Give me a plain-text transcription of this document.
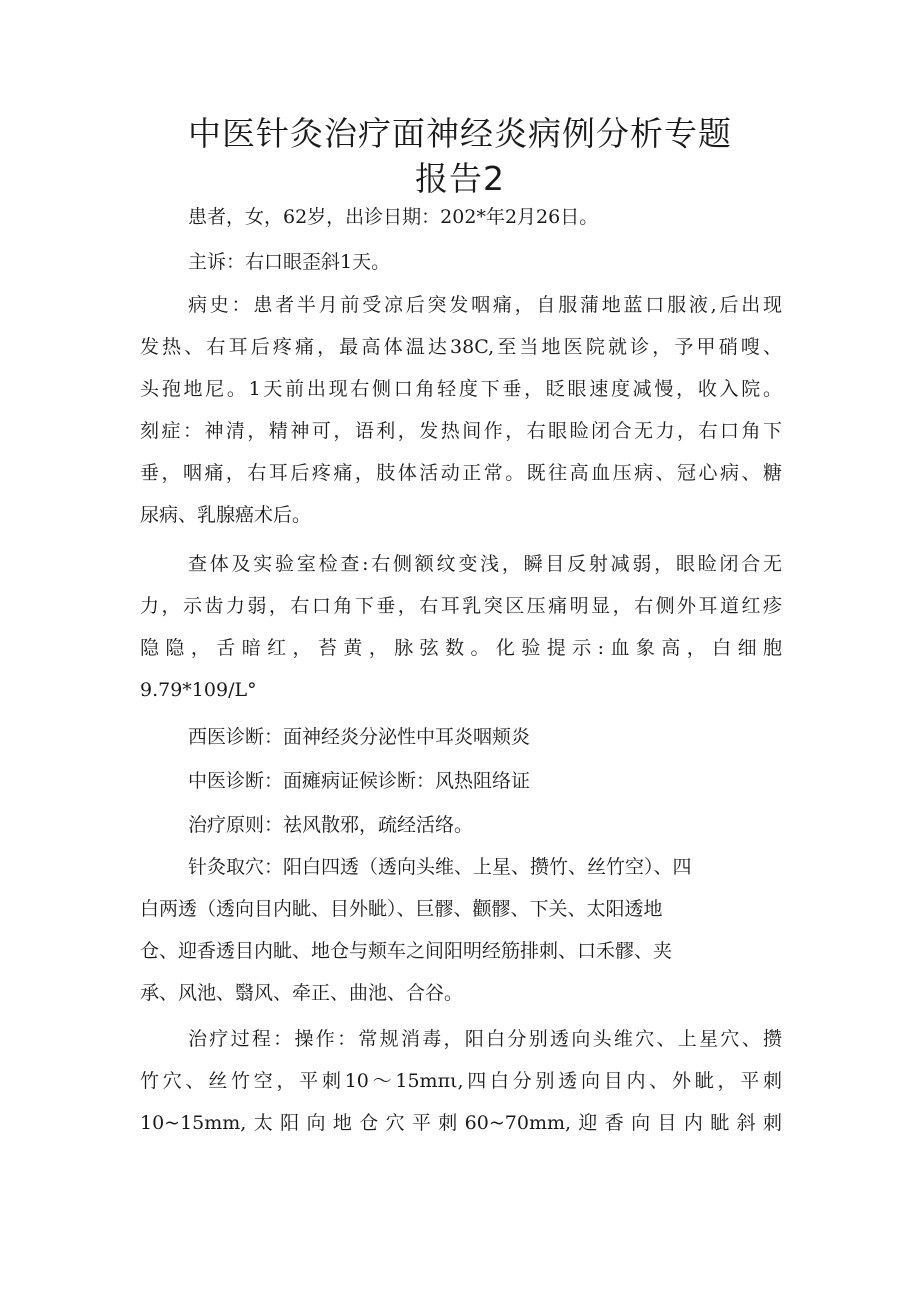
中医针灸治疗面神经炎病例分析专题
报告2

患者，女，62岁，出诊日期：202*年2月26日。

主诉：右口眼歪斜1天。

病史：患者半月前受凉后突发咽痛，自服蒲地蓝口服液,后出现
发热、右耳后疼痛，最高体温达38C,至当地医院就诊，予甲硝嗖、
头孢地尼。1天前出现右侧口角轻度下垂，眨眼速度减慢，收入院。
刻症：神清，精神可，语利，发热间作，右眼睑闭合无力，右口角下
垂，咽痛，右耳后疼痛，肢体活动正常。既往高血压病、冠心病、糖
尿病、乳腺癌术后。
查体及实验室检查:右侧额纹变浅，瞬目反射减弱，眼睑闭合无
力，示齿力弱，右口角下垂，右耳乳突区压痛明显，右侧外耳道红疹
隐隐，舌暗红，苔黄，脉弦数。化验提示:血象高，白细胞
9.79*109/L°

西医诊断：面神经炎分泌性中耳炎咽颊炎

中医诊断：面瘫病证候诊断：风热阻络证

治疗原则：祛风散邪，疏经活络。

针灸取穴：阳白四透（透向头维、上星、攒竹、丝竹空）、四
白两透（透向目内眦、目外眦）、巨髎、颧髎、下关、太阳透地
仓、迎香透目内眦、地仓与颊车之间阳明经筋排刺、口禾髎、夹
承、风池、翳风、牵正、曲池、合谷。
治疗过程：操作：常规消毒，阳白分别透向头维穴、上星穴、攒
竹穴、丝竹空，平刺10～15mπι,四白分别透向目内、外眦，平刺
10~15mm,太阳向地仓穴平刺60~70mm,迎香向目内眦斜刺
